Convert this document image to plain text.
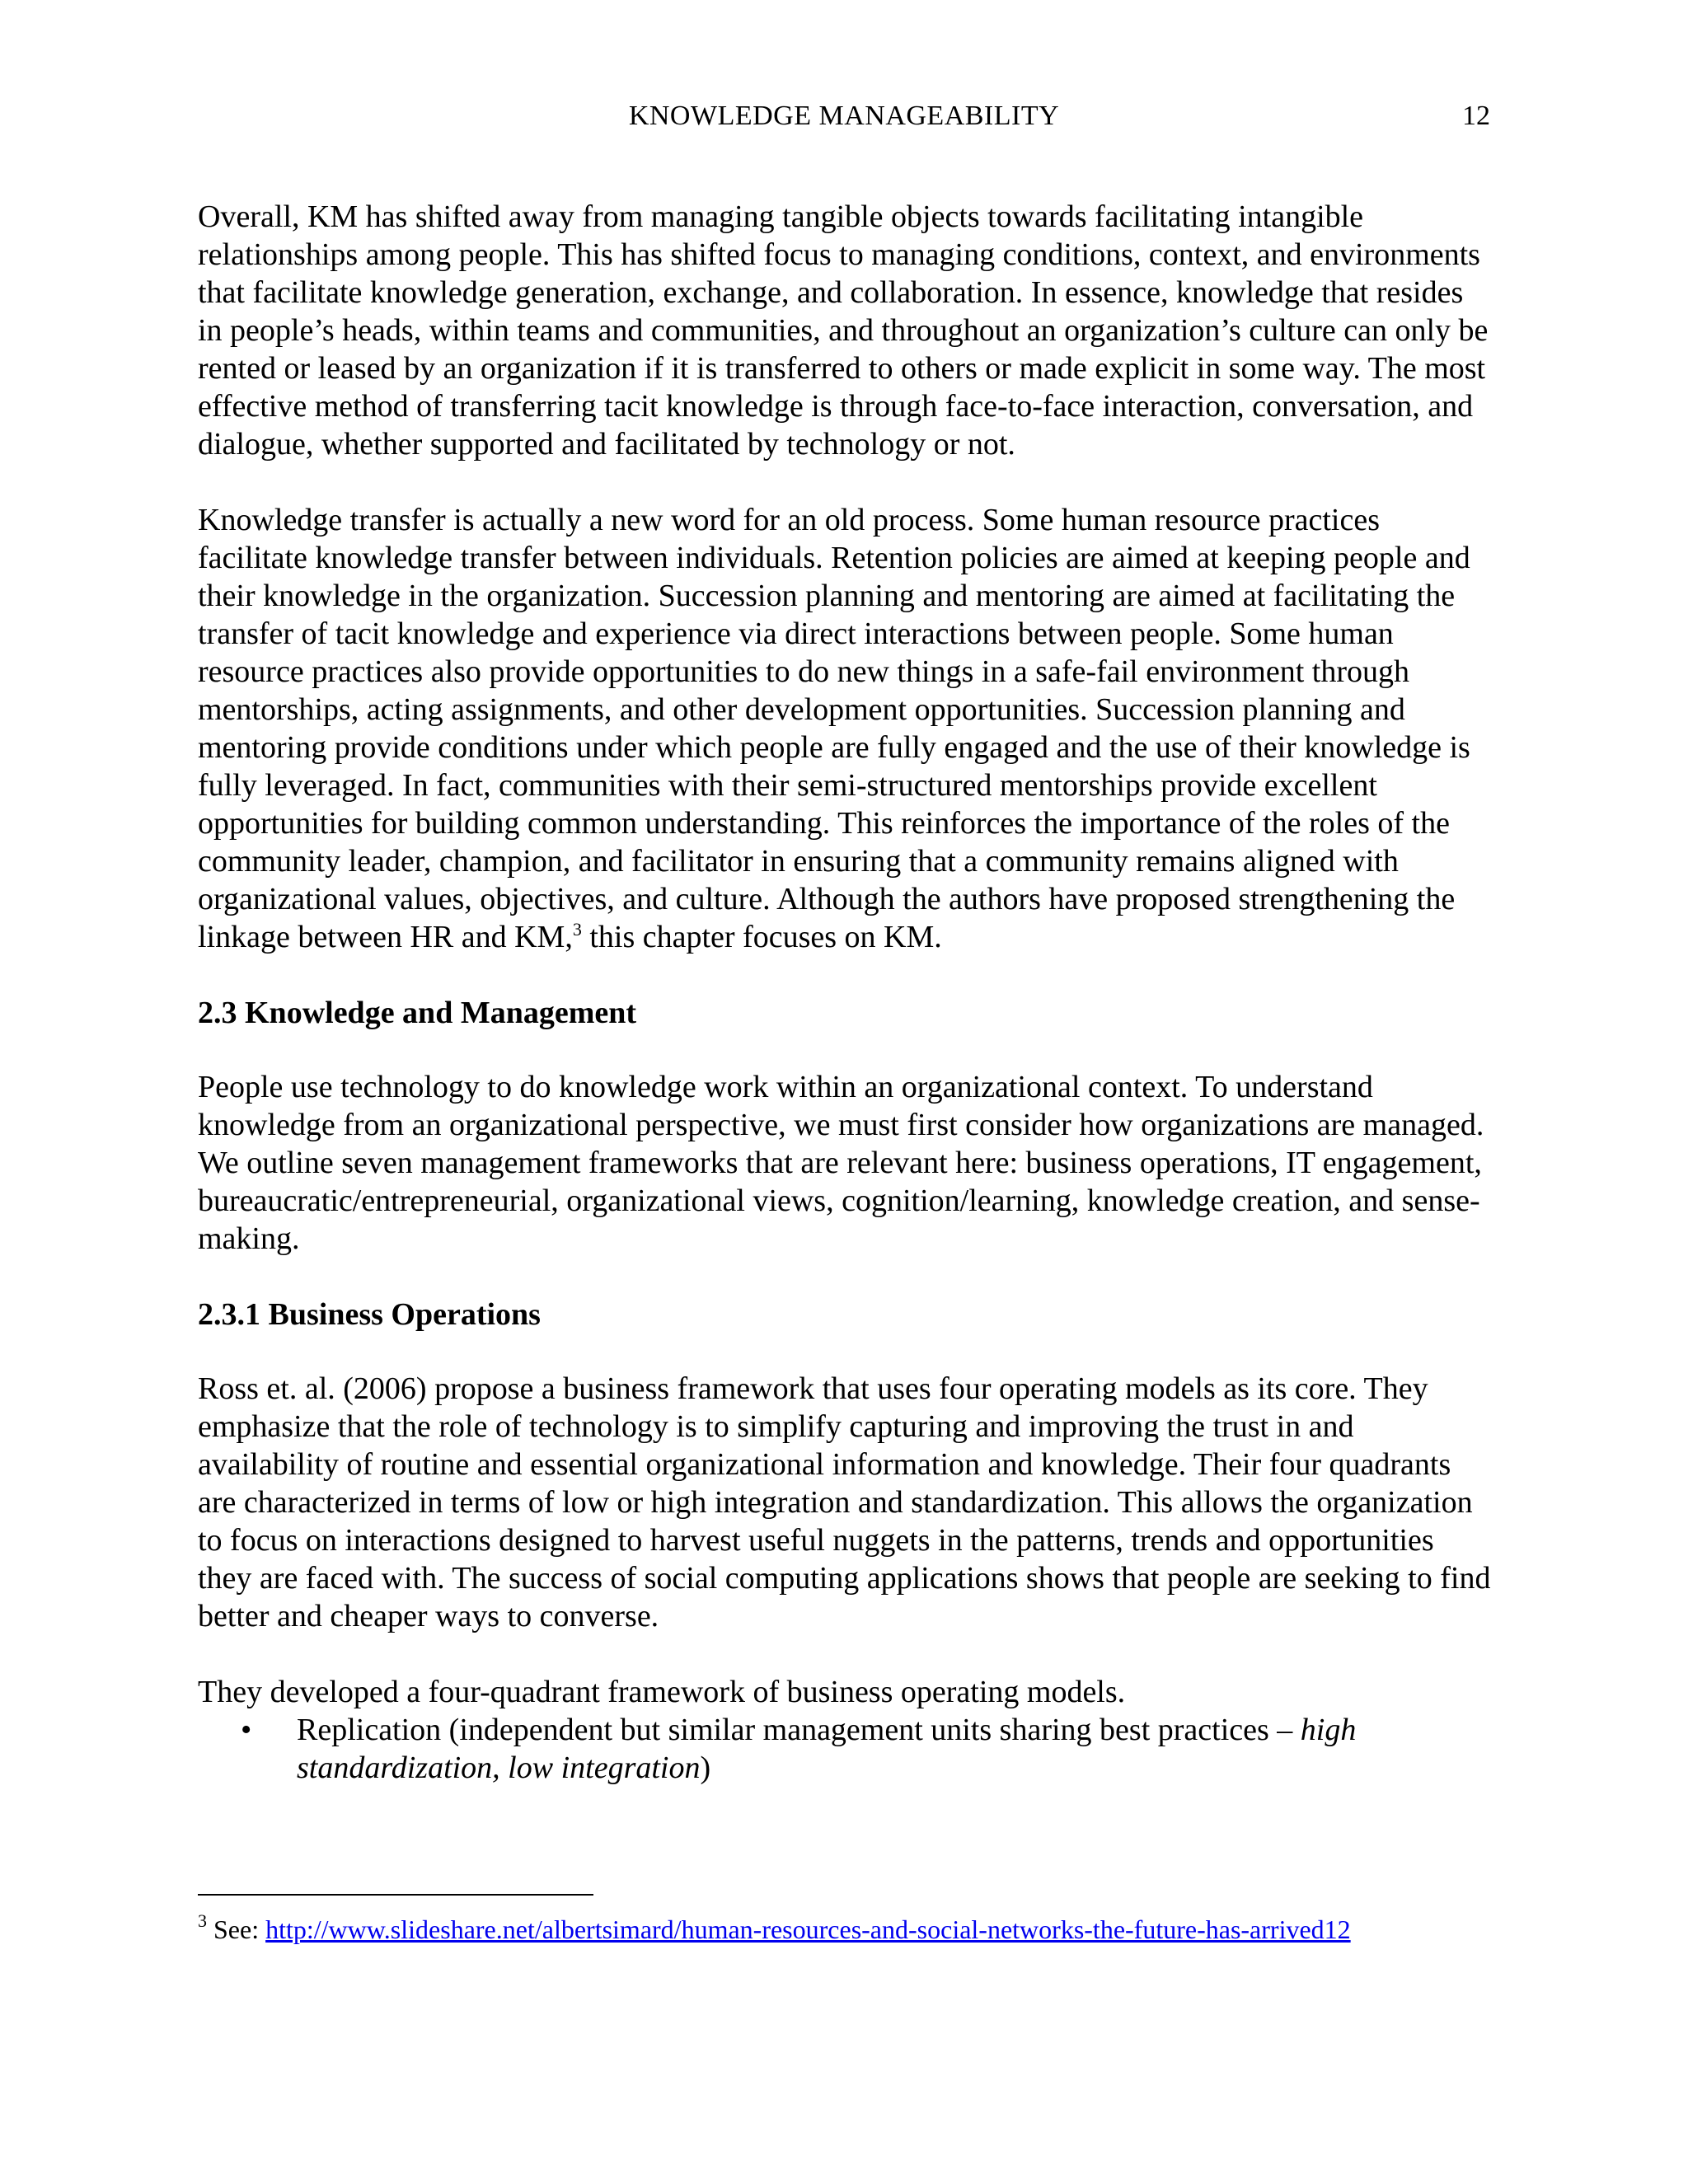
KNOWLEDGE MANAGEABILITY	12

Overall, KM has shifted away from managing tangible objects towards facilitating intangible relationships among people. This has shifted focus to managing conditions, context, and environments that facilitate knowledge generation, exchange, and collaboration. In essence, knowledge that resides in people’s heads, within teams and communities, and throughout an organization’s culture can only be rented or leased by an organization if it is transferred to others or made explicit in some way. The most effective method of transferring tacit knowledge is through face-to-face interaction, conversation, and dialogue, whether supported and facilitated by technology or not.

Knowledge transfer is actually a new word for an old process. Some human resource practices facilitate knowledge transfer between individuals. Retention policies are aimed at keeping people and their knowledge in the organization. Succession planning and mentoring are aimed at facilitating the transfer of tacit knowledge and experience via direct interactions between people. Some human resource practices also provide opportunities to do new things in a safe-fail environment through mentorships, acting assignments, and other development opportunities. Succession planning and mentoring provide conditions under which people are fully engaged and the use of their knowledge is fully leveraged. In fact, communities with their semi-structured mentorships provide excellent opportunities for building common understanding. This reinforces the importance of the roles of the community leader, champion, and facilitator in ensuring that a community remains aligned with organizational values, objectives, and culture. Although the authors have proposed strengthening the linkage between HR and KM,$^3$ this chapter focuses on KM.

2.3 Knowledge and Management

People use technology to do knowledge work within an organizational context. To understand knowledge from an organizational perspective, we must first consider how organizations are managed. We outline seven management frameworks that are relevant here: business operations, IT engagement, bureaucratic/entrepreneurial, organizational views, cognition/learning, knowledge creation, and sense-making.

2.3.1 Business Operations

Ross et. al. (2006) propose a business framework that uses four operating models as its core. They emphasize that the role of technology is to simplify capturing and improving the trust in and availability of routine and essential organizational information and knowledge. Their four quadrants are characterized in terms of low or high integration and standardization. This allows the organization to focus on interactions designed to harvest useful nuggets in the patterns, trends and opportunities they are faced with. The success of social computing applications shows that people are seeking to find better and cheaper ways to converse.

They developed a four-quadrant framework of business operating models.

• Replication (independent but similar management units sharing best practices – high standardization, low integration)
$^3$ See: http://www.slideshare.net/albertsimard/human-resources-and-social-networks-the-future-has-arrived12
